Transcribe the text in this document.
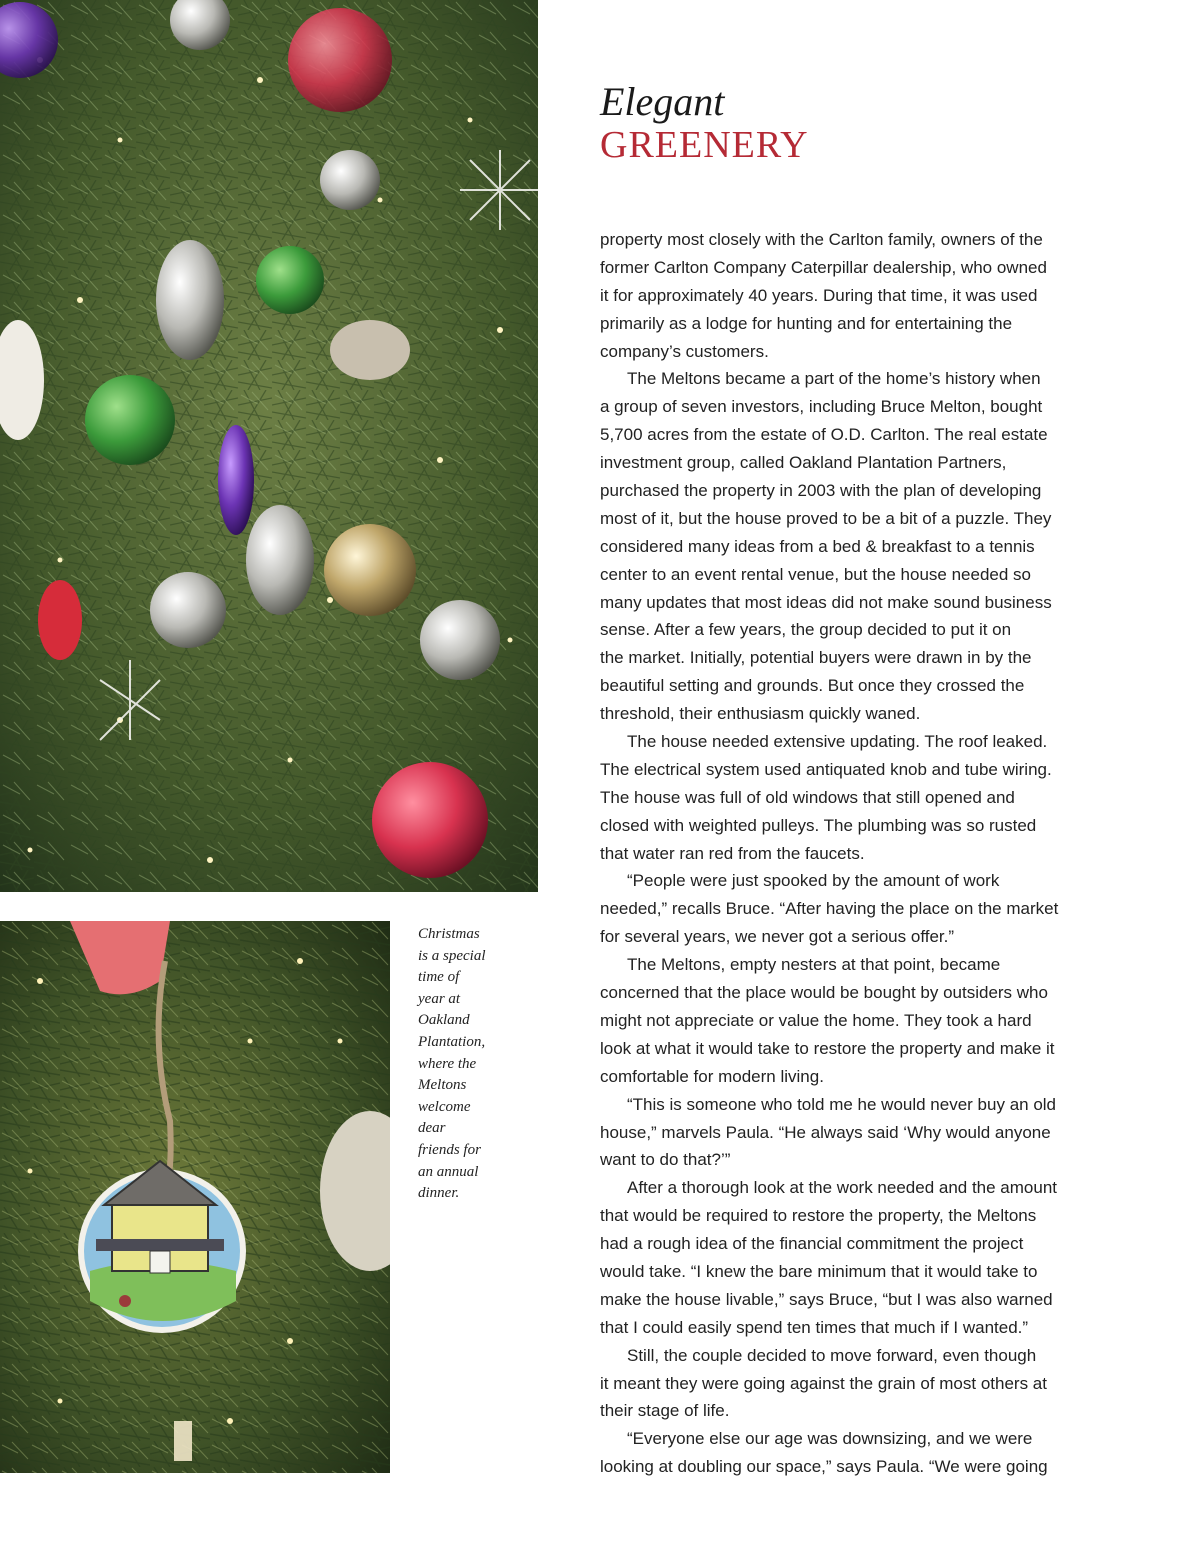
Christmas
is a special
time of
year at
Oakland
Plantation,
where the
Meltons
welcome
dear
friends for
an annual
dinner.
Elegant
GREENERY
property most closely with the Carlton family, owners of the
former Carlton Company Caterpillar dealership, who owned
it for approximately 40 years. During that time, it was used
primarily as a lodge for hunting and for entertaining the
company’s customers.
The Meltons became a part of the home’s history when
a group of seven investors, including Bruce Melton, bought
5,700 acres from the estate of O.D. Carlton. The real estate
investment group, called Oakland Plantation Partners,
purchased the property in 2003 with the plan of developing
most of it, but the house proved to be a bit of a puzzle. They
considered many ideas from a bed & breakfast to a tennis
center to an event rental venue, but the house needed so
many updates that most ideas did not make sound business
sense. After a few years, the group decided to put it on
the market. Initially, potential buyers were drawn in by the
beautiful setting and grounds. But once they crossed the
threshold, their enthusiasm quickly waned.
The house needed extensive updating. The roof leaked.
The electrical system used antiquated knob and tube wiring.
The house was full of old windows that still opened and
closed with weighted pulleys. The plumbing was so rusted
that water ran red from the faucets.
“People were just spooked by the amount of work
needed,” recalls Bruce. “After having the place on the market
for several years, we never got a serious offer.”
The Meltons, empty nesters at that point, became
concerned that the place would be bought by outsiders who
might not appreciate or value the home. They took a hard
look at what it would take to restore the property and make it
comfortable for modern living.
“This is someone who told me he would never buy an old
house,” marvels Paula. “He always said ‘Why would anyone
want to do that?’”
After a thorough look at the work needed and the amount
that would be required to restore the property, the Meltons
had a rough idea of the financial commitment the project
would take. “I knew the bare minimum that it would take to
make the house livable,” says Bruce, “but I was also warned
that I could easily spend ten times that much if I wanted.”
Still, the couple decided to move forward, even though
it meant they were going against the grain of most others at
their stage of life.
“Everyone else our age was downsizing, and we were
looking at doubling our space,” says Paula. “We were going
